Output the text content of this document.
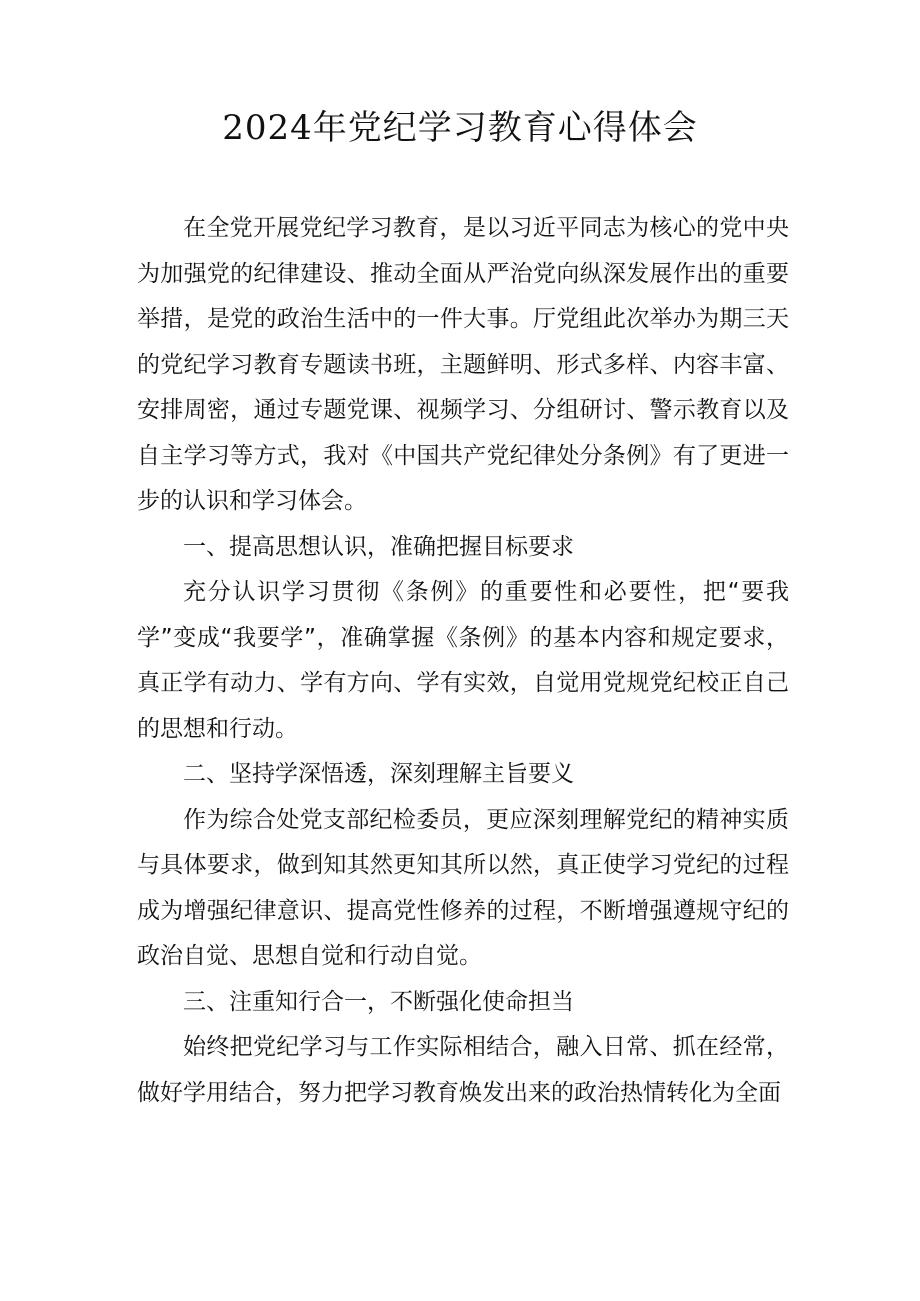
2024年党纪学习教育心得体会

在全党开展党纪学习教育，是以习近平同志为核心的党中央为加强党的纪律建设、推动全面从严治党向纵深发展作出的重要举措，是党的政治生活中的一件大事。厅党组此次举办为期三天的党纪学习教育专题读书班，主题鲜明、形式多样、内容丰富、安排周密，通过专题党课、视频学习、分组研讨、警示教育以及自主学习等方式，我对《中国共产党纪律处分条例》有了更进一步的认识和学习体会。

一、提高思想认识，准确把握目标要求

充分认识学习贯彻《条例》的重要性和必要性，把“要我学”变成“我要学”，准确掌握《条例》的基本内容和规定要求，真正学有动力、学有方向、学有实效，自觉用党规党纪校正自己的思想和行动。

二、坚持学深悟透，深刻理解主旨要义

作为综合处党支部纪检委员，更应深刻理解党纪的精神实质与具体要求，做到知其然更知其所以然，真正使学习党纪的过程成为增强纪律意识、提高党性修养的过程，不断增强遵规守纪的政治自觉、思想自觉和行动自觉。

三、注重知行合一，不断强化使命担当

始终把党纪学习与工作实际相结合，融入日常、抓在经常，做好学用结合，努力把学习教育焕发出来的政治热情转化为全面
